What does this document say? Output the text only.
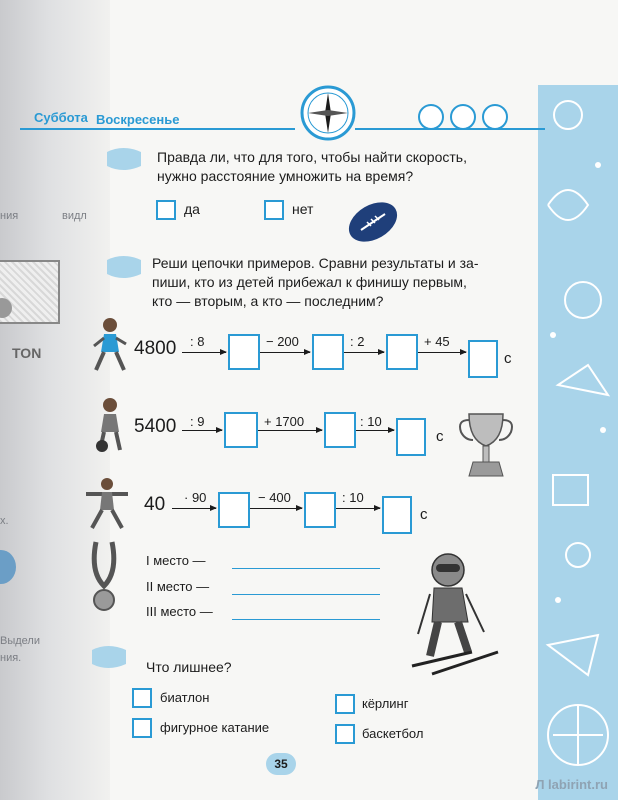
ния	видл
TON
х.
Выдели
ния.
Суббота Воскресенье
Правда ли, что для того, чтобы найти скорость,
нужно расстояние умножить на время?
да	нет
Реши цепочки примеров. Сравни результаты и за-
пиши, кто из детей прибежал к финишу первым,
кто — вторым, а кто — последним?
4800 : 8	− 200	: 2	+ 45
с
5400 : 9	+ 1700	: 10
с
40 · 90	− 400	: 10
с
I место —
II место —
III место —
Что лишнее?
биатлон	кёрлинг
фигурное катание	баскетбол
35
Л labirint.ru
